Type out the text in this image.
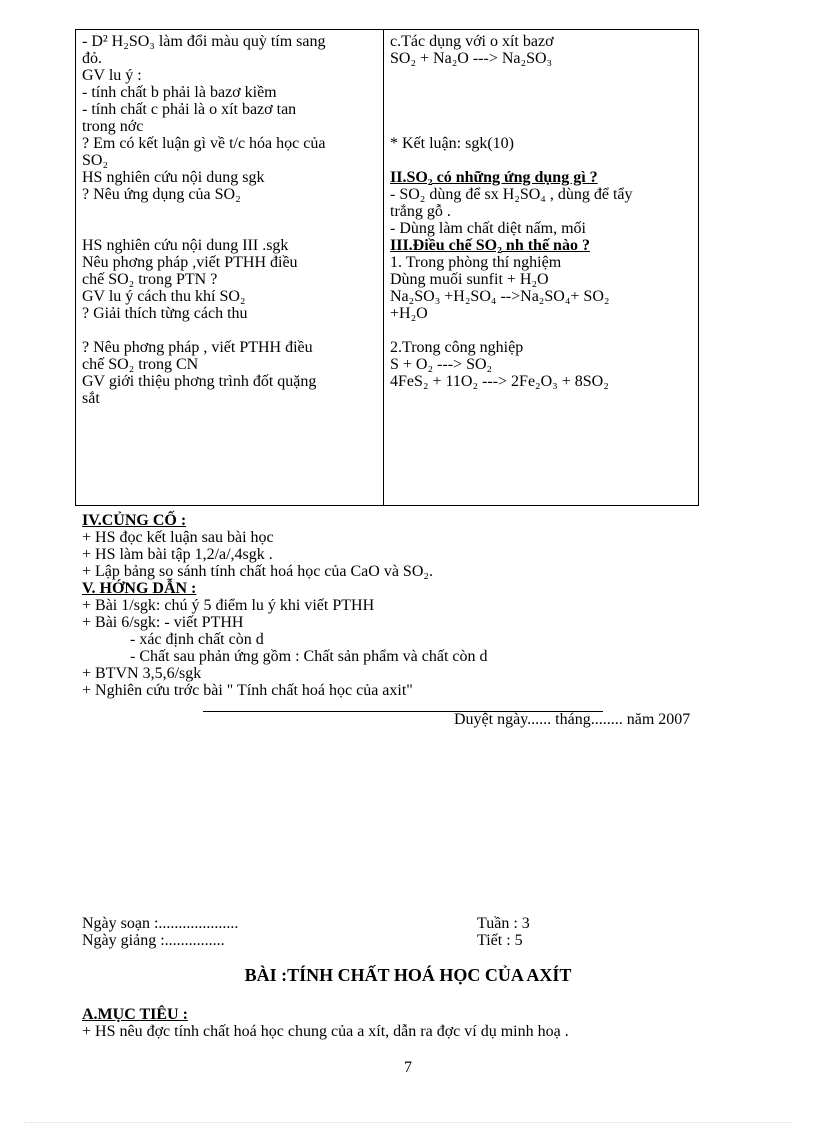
- D² H₂SO₃ làm đổi màu quỳ tím sang
đỏ.
GV lu ý :
- tính chất b phải là bazơ kiềm
- tính chất c phải là o xít bazơ tan
trong nớc
? Em có kết luận gì về t/c hóa học của
SO₂
HS nghiên cứu nội dung sgk
? Nêu ứng dụng của SO₂
HS nghiên cứu nội dung III .sgk
Nêu phơng pháp ,viết PTHH điều
chế SO₂ trong PTN ?
GV lu ý cách thu khí SO₂
? Giải thích từng cách thu
? Nêu phơng pháp , viết PTHH điều
chế SO₂ trong CN
GV giới thiệu phơng trình đốt quặng
sắt
c.Tác dụng với o xít bazơ
SO₂ + Na₂O ---> Na₂SO₃
* Kết luận: sgk(10)
II.SO₂ có những ứng dụng gì ?
- SO₂ dùng để sx H₂SO₄ , dùng để tẩy
trắng gỗ .
- Dùng làm chất diệt nấm, mối
III.Điều chế SO₂ nh thế nào ?
1. Trong phòng thí nghiệm
Dùng muối sunfit + H₂O
Na₂SO₃ +H₂SO₄ -->Na₂SO₄+ SO₂
+H₂O
2.Trong công nghiệp
S + O₂ ---> SO₂
4FeS₂ + 11O₂ ---> 2Fe₂O₃ + 8SO₂
IV.CỦNG CỐ :
+ HS đọc kết luận sau bài học
+ HS làm bài tập 1,2/a/,4sgk .
+ Lập bảng so sánh tính chất hoá học của CaO và SO₂.
V. HỚNG DẪN :
+ Bài 1/sgk: chú ý 5 điểm lu ý khi viết PTHH
+ Bài 6/sgk: - viết PTHH
- xác định chất còn d
- Chất sau phản ứng gồm : Chất sản phẩm và chất còn d
+ BTVN 3,5,6/sgk
+ Nghiên cứu trớc bài " Tính chất hoá học của axit"
Duyệt ngày...... tháng........ năm 2007
Ngày soạn :....................
Ngày giảng :...............
Tuần : 3
Tiết : 5
BÀI :TÍNH CHẤT HOÁ HỌC CỦA AXÍT
A.MỤC TIÊU :
+ HS nêu đợc tính chất hoá học chung của a xít, dẫn ra đợc ví dụ minh hoạ .
7
